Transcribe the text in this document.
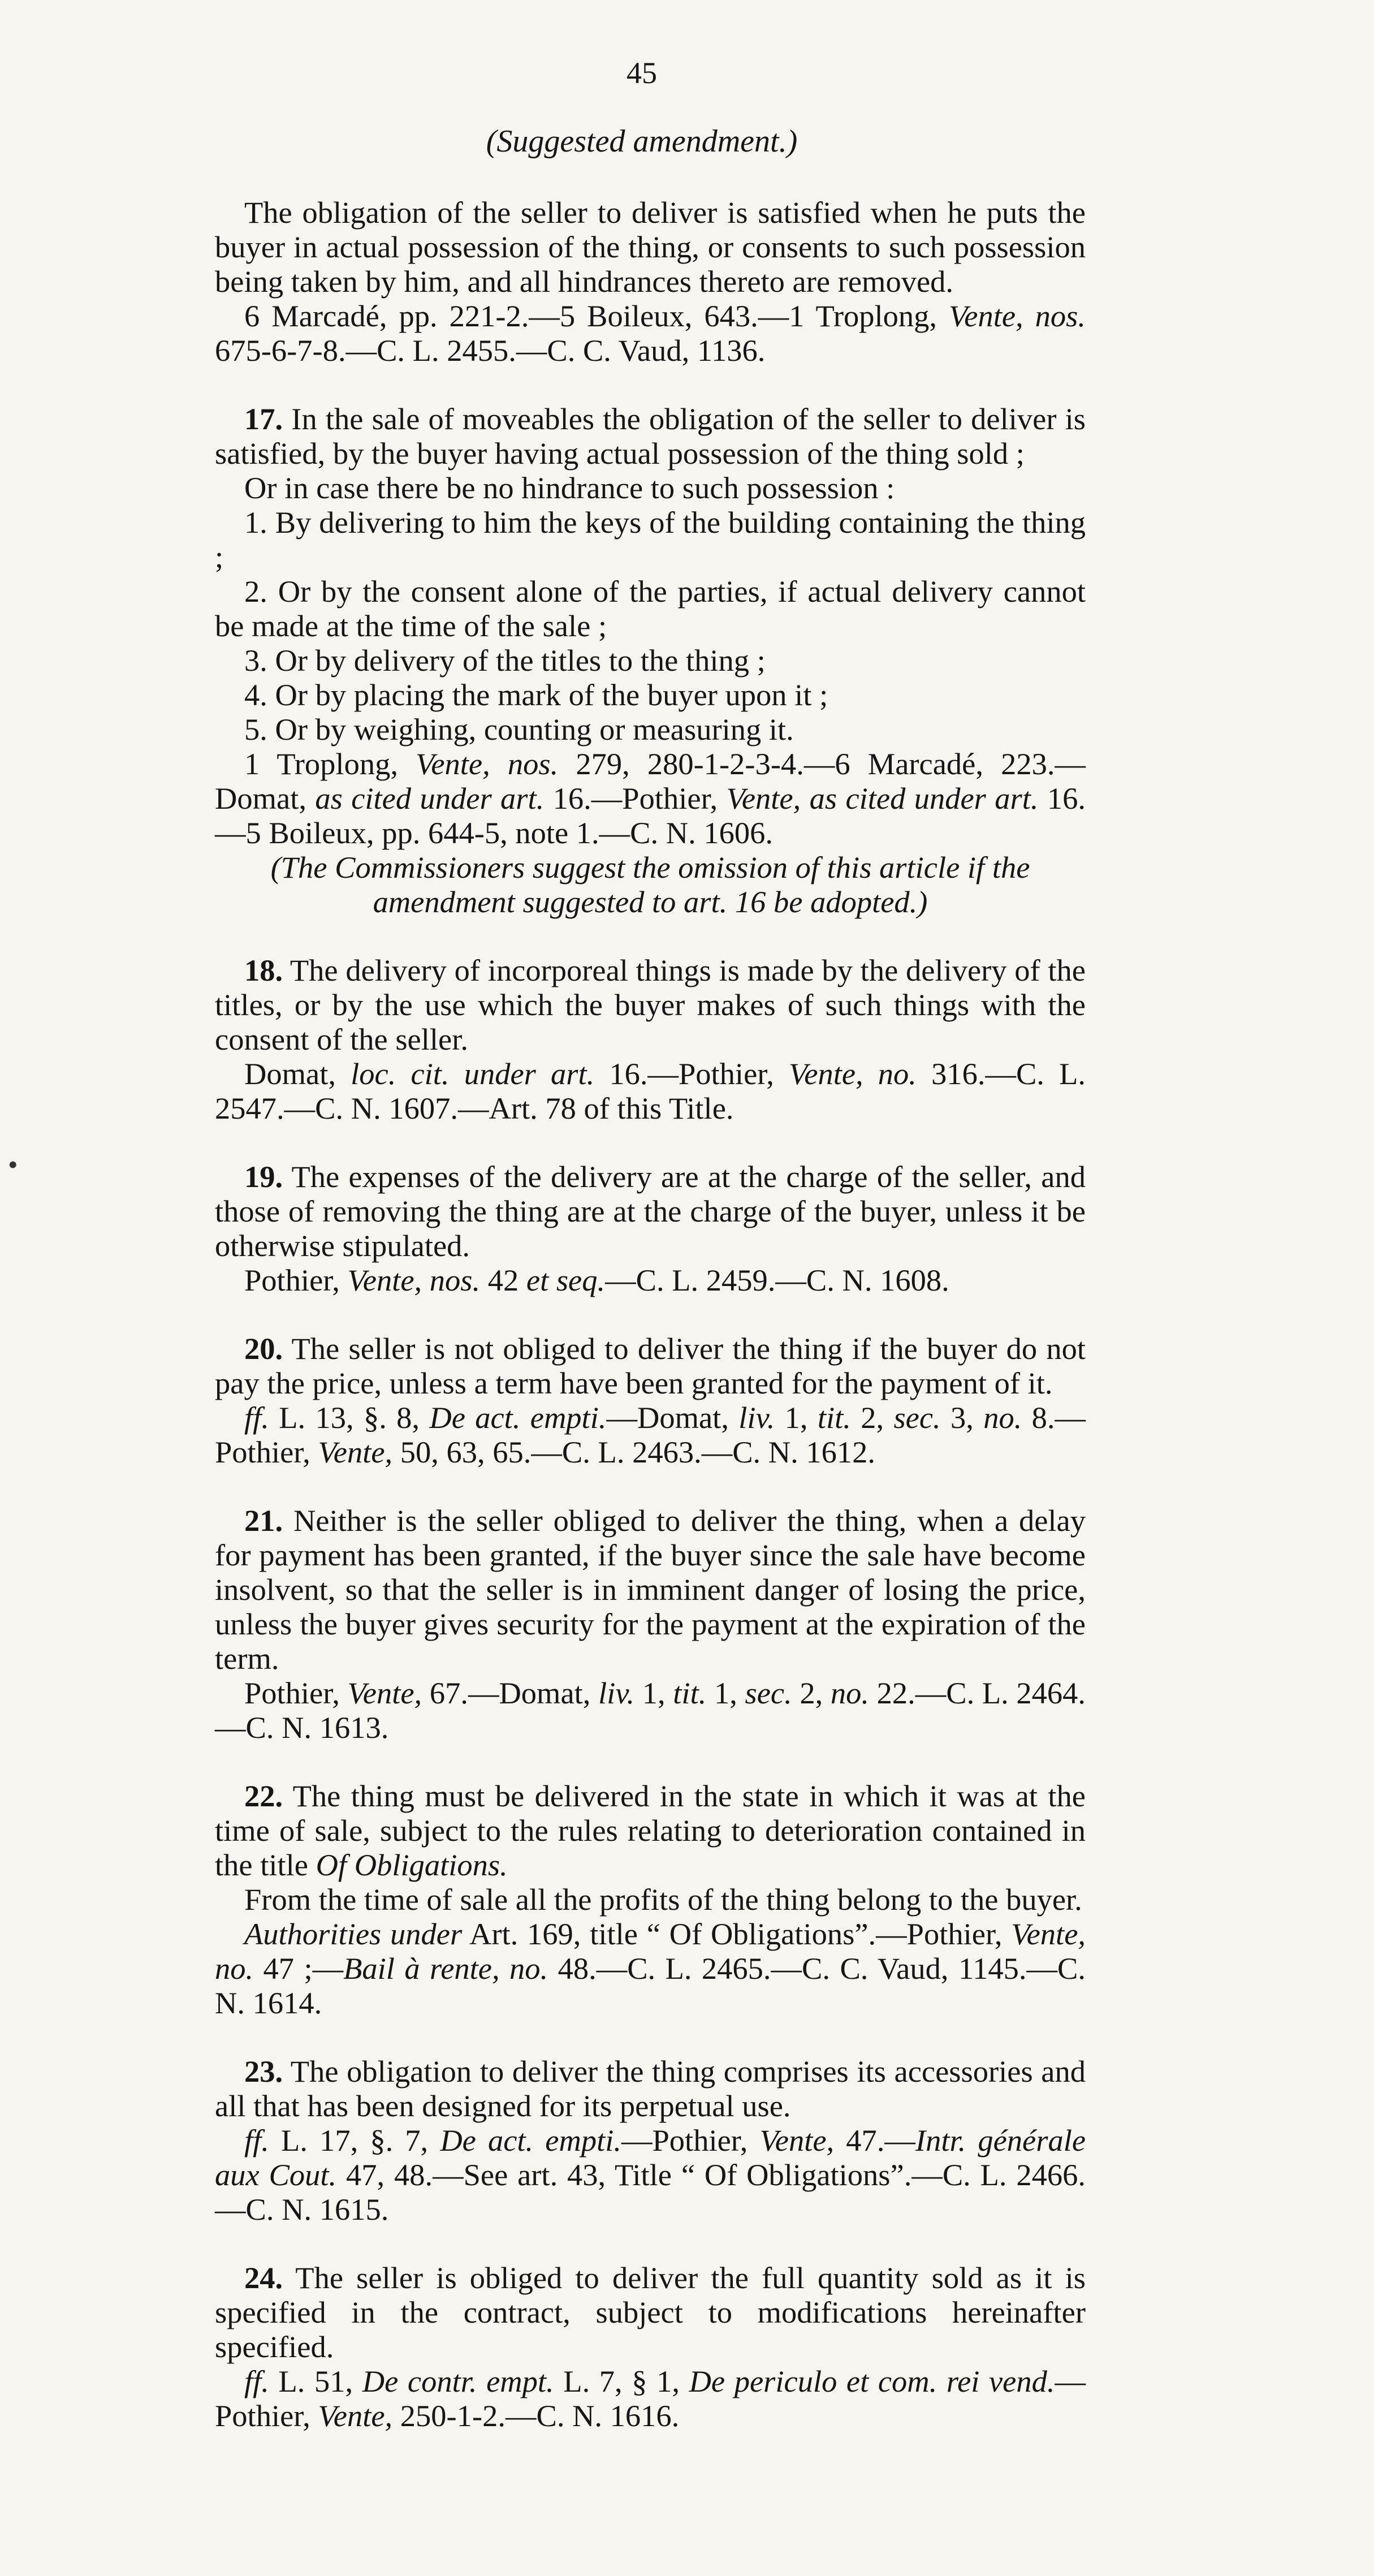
45
(Suggested amendment.)
•

The obligation of the seller to deliver is satisfied when he puts the buyer in actual possession of the thing, or consents to such possession being taken by him, and all hindrances thereto are removed.

6 Marcadé, pp. 221-2.—5 Boileux, 643.—1 Troplong, Vente, nos. 675-6-7-8.—C. L. 2455.—C. C. Vaud, 1136.

17. In the sale of moveables the obligation of the seller to deliver is satisfied, by the buyer having actual possession of the thing sold ;

Or in case there be no hindrance to such possession :

1. By delivering to him the keys of the building containing the thing ;

2. Or by the consent alone of the parties, if actual delivery cannot be made at the time of the sale ;

3. Or by delivery of the titles to the thing ;

4. Or by placing the mark of the buyer upon it ;

5. Or by weighing, counting or measuring it.

1 Troplong, Vente, nos. 279, 280-1-2-3-4.—6 Marcadé, 223.—Domat, as cited under art. 16.—Pothier, Vente, as cited under art. 16.—5 Boileux, pp. 644-5, note 1.—C. N. 1606.

(The Commissioners suggest the omission of this article if the amendment suggested to art. 16 be adopted.)

18. The delivery of incorporeal things is made by the delivery of the titles, or by the use which the buyer makes of such things with the consent of the seller.

Domat, loc. cit. under art. 16.—Pothier, Vente, no. 316.—C. L. 2547.—C. N. 1607.—Art. 78 of this Title.

19. The expenses of the delivery are at the charge of the seller, and those of removing the thing are at the charge of the buyer, unless it be otherwise stipulated.

Pothier, Vente, nos. 42 et seq.—C. L. 2459.—C. N. 1608.

20. The seller is not obliged to deliver the thing if the buyer do not pay the price, unless a term have been granted for the payment of it.

ff. L. 13, §. 8, De act. empti.—Domat, liv. 1, tit. 2, sec. 3, no. 8.—Pothier, Vente, 50, 63, 65.—C. L. 2463.—C. N. 1612.

21. Neither is the seller obliged to deliver the thing, when a delay for payment has been granted, if the buyer since the sale have become insolvent, so that the seller is in imminent danger of losing the price, unless the buyer gives security for the payment at the expiration of the term.

Pothier, Vente, 67.—Domat, liv. 1, tit. 1, sec. 2, no. 22.—C. L. 2464.—C. N. 1613.

22. The thing must be delivered in the state in which it was at the time of sale, subject to the rules relating to deterioration contained in the title Of Obligations.

From the time of sale all the profits of the thing belong to the buyer.

Authorities under Art. 169, title “ Of Obligations”.—Pothier, Vente, no. 47 ;—Bail à rente, no. 48.—C. L. 2465.—C. C. Vaud, 1145.—C. N. 1614.

23. The obligation to deliver the thing comprises its accessories and all that has been designed for its perpetual use.

ff. L. 17, §. 7, De act. empti.—Pothier, Vente, 47.—Intr. générale aux Cout. 47, 48.—See art. 43, Title “ Of Obligations”.—C. L. 2466.—C. N. 1615.

24. The seller is obliged to deliver the full quantity sold as it is specified in the contract, subject to modifications hereinafter specified.

ff. L. 51, De contr. empt. L. 7, § 1, De periculo et com. rei vend.—Pothier, Vente, 250-1-2.—C. N. 1616.
